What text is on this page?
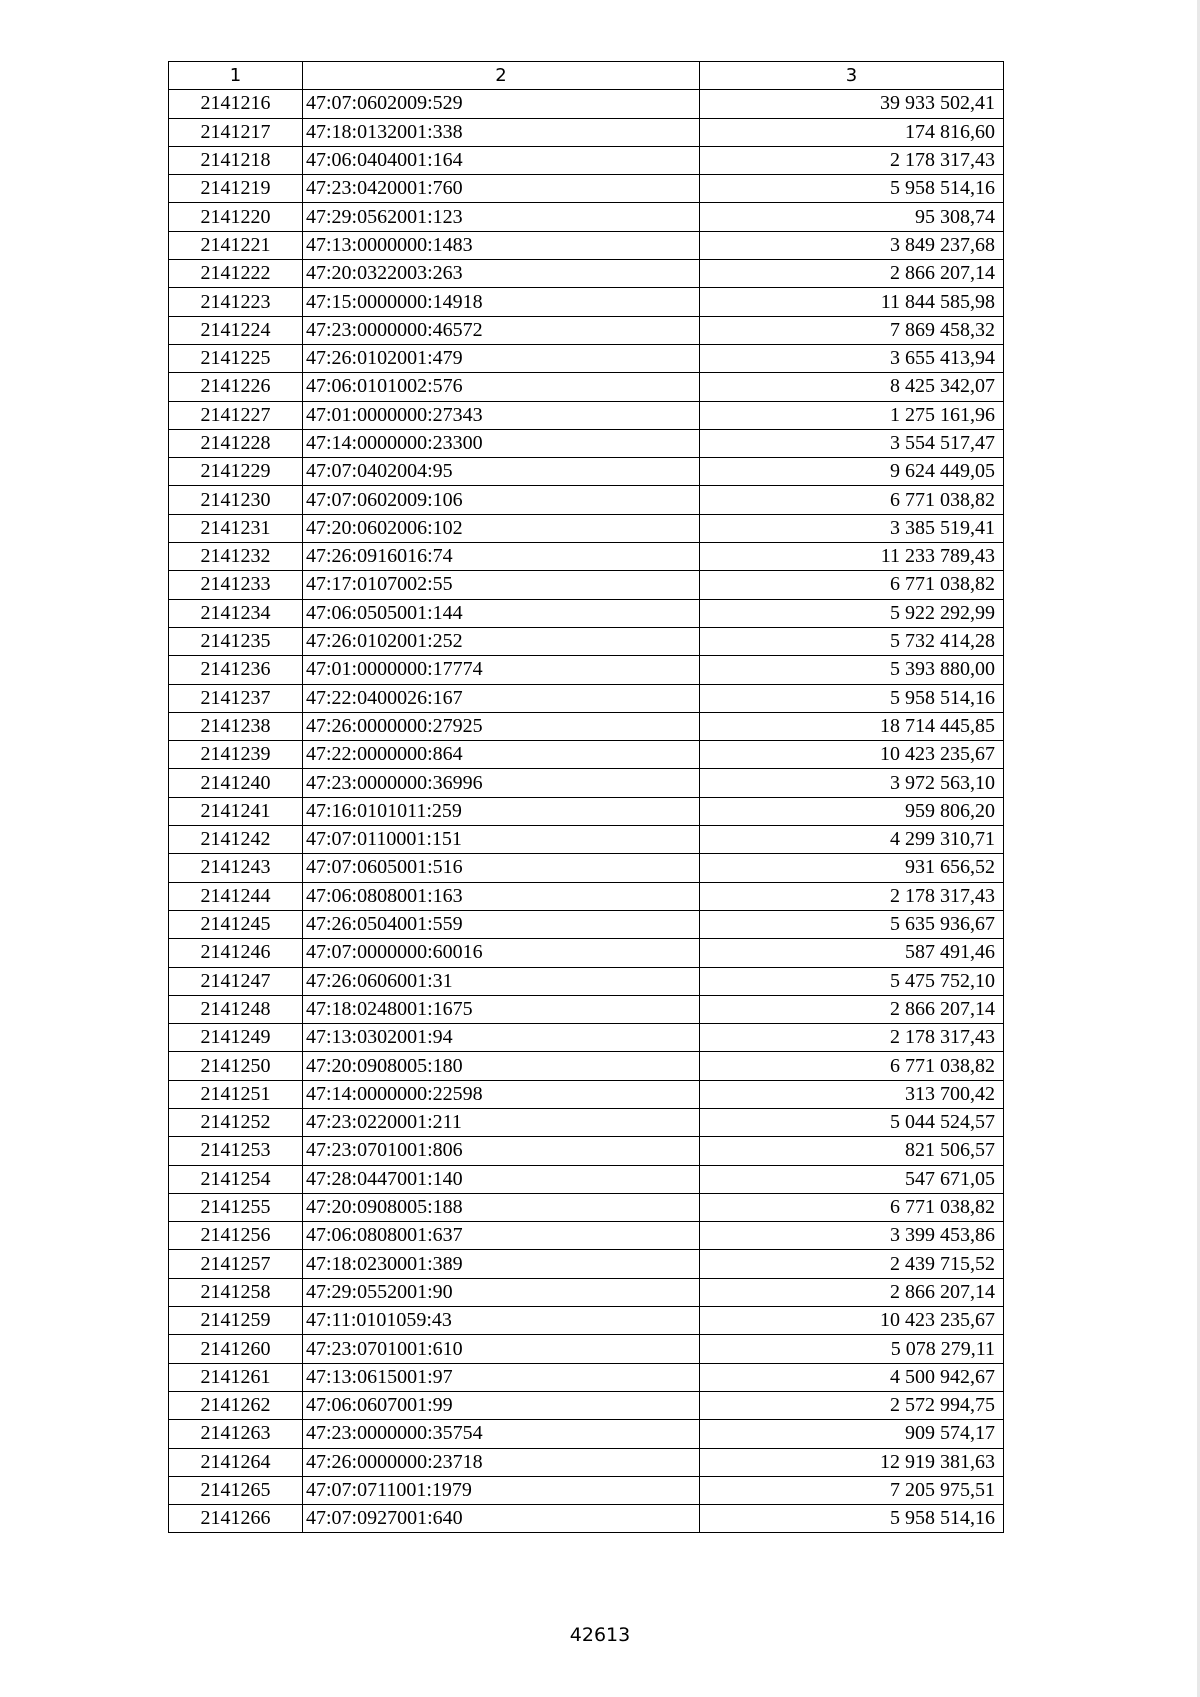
1	2	3
2141216	47:07:0602009:529	39 933 502,41
2141217	47:18:0132001:338	174 816,60
2141218	47:06:0404001:164	2 178 317,43
2141219	47:23:0420001:760	5 958 514,16
2141220	47:29:0562001:123	95 308,74
2141221	47:13:0000000:1483	3 849 237,68
2141222	47:20:0322003:263	2 866 207,14
2141223	47:15:0000000:14918	11 844 585,98
2141224	47:23:0000000:46572	7 869 458,32
2141225	47:26:0102001:479	3 655 413,94
2141226	47:06:0101002:576	8 425 342,07
2141227	47:01:0000000:27343	1 275 161,96
2141228	47:14:0000000:23300	3 554 517,47
2141229	47:07:0402004:95	9 624 449,05
2141230	47:07:0602009:106	6 771 038,82
2141231	47:20:0602006:102	3 385 519,41
2141232	47:26:0916016:74	11 233 789,43
2141233	47:17:0107002:55	6 771 038,82
2141234	47:06:0505001:144	5 922 292,99
2141235	47:26:0102001:252	5 732 414,28
2141236	47:01:0000000:17774	5 393 880,00
2141237	47:22:0400026:167	5 958 514,16
2141238	47:26:0000000:27925	18 714 445,85
2141239	47:22:0000000:864	10 423 235,67
2141240	47:23:0000000:36996	3 972 563,10
2141241	47:16:0101011:259	959 806,20
2141242	47:07:0110001:151	4 299 310,71
2141243	47:07:0605001:516	931 656,52
2141244	47:06:0808001:163	2 178 317,43
2141245	47:26:0504001:559	5 635 936,67
2141246	47:07:0000000:60016	587 491,46
2141247	47:26:0606001:31	5 475 752,10
2141248	47:18:0248001:1675	2 866 207,14
2141249	47:13:0302001:94	2 178 317,43
2141250	47:20:0908005:180	6 771 038,82
2141251	47:14:0000000:22598	313 700,42
2141252	47:23:0220001:211	5 044 524,57
2141253	47:23:0701001:806	821 506,57
2141254	47:28:0447001:140	547 671,05
2141255	47:20:0908005:188	6 771 038,82
2141256	47:06:0808001:637	3 399 453,86
2141257	47:18:0230001:389	2 439 715,52
2141258	47:29:0552001:90	2 866 207,14
2141259	47:11:0101059:43	10 423 235,67
2141260	47:23:0701001:610	5 078 279,11
2141261	47:13:0615001:97	4 500 942,67
2141262	47:06:0607001:99	2 572 994,75
2141263	47:23:0000000:35754	909 574,17
2141264	47:26:0000000:23718	12 919 381,63
2141265	47:07:0711001:1979	7 205 975,51
2141266	47:07:0927001:640	5 958 514,16
42613
